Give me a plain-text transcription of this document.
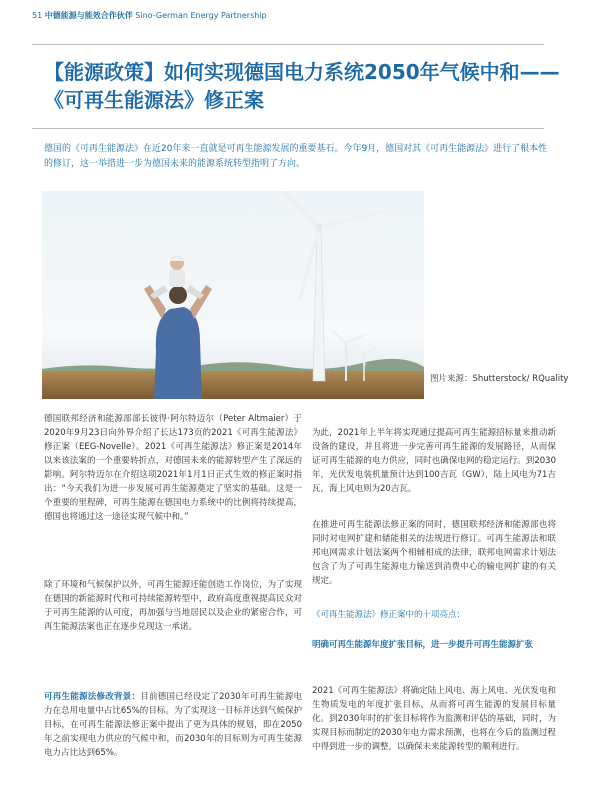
51 中德能源与能效合作伙伴 Sino-German Energy Partnership
【能源政策】如何实现德国电力系统2050年气候中和——《可再生能源法》修正案

德国的《可再生能源法》在近20年来一直就是可再生能源发展的重要基石。今年9月，德国对其《可再生能源法》进行了根本性的修订，这一举措进一步为德国未来的能源系统转型指明了方向。

图片来源：Shutterstock/ RQuality

德国联邦经济和能源部部长彼得·阿尔特迈尔（Peter Altmaier）于2020年9月23日向外界介绍了长达173页的2021《可再生能源法》修正案（EEG-Novelle）。2021《可再生能源法》修正案是2014年以来该法案的一个重要转折点，对德国未来的能源转型产生了深远的影响。阿尔特迈尔在介绍这项2021年1月1日正式生效的修正案时指出：“今天我们为进一步发展可再生能源奠定了坚实的基础。这是一个重要的里程碑，可再生能源在德国电力系统中的比例将持续提高，德国也将通过这一途径实现气候中和。”

除了环境和气候保护以外，可再生能源还能创造工作岗位，为了实现在德国的新能源时代和可持续能源转型中，政府高度重视提高民众对于可再生能源的认可度，再加强与当地居民以及企业的紧密合作，可再生能源法案也正在逐步兑现这一承诺。

可再生能源法修改背景：目前德国已经设定了2030年可再生能源电力在总用电量中占比65%的目标。为了实现这一目标并达到气候保护目标，在可再生能源法修正案中提出了更为具体的规划，即在2050年之前实现电力供应的气候中和，而2030年的目标则为可再生能源电力占比达到65%。

为此，2021年上半年将实现通过提高可再生能源招标量来推动新设备的建设，并且将进一步完善可再生能源的发展路径，从而保证可再生能源的电力供应，同时也确保电网的稳定运行。到2030年，光伏发电装机量预计达到100吉瓦（GW），陆上风电为71吉瓦，海上风电则为20吉瓦。

在推进可再生能源法修正案的同时，德国联邦经济和能源部也将同时对电网扩建和储能相关的法规进行修订。可再生能源法和联邦电网需求计划法案两个相辅相成的法律，联邦电网需求计划法包含了为了可再生能源电力输送到消费中心的输电网扩建的有关规定。

《可再生能源法》修正案中的十项亮点：

明确可再生能源年度扩张目标，进一步提升可再生能源扩张

2021《可再生能源法》将确定陆上风电、海上风电、光伏发电和生物质发电的年度扩张目标，从而将可再生能源的发展目标量化。到2030年时的扩张目标将作为监测和评估的基础，同时，为实现目标而制定的2030年电力需求预测，也将在今后的监测过程中得到进一步的调整，以确保未来能源转型的顺利进行。
